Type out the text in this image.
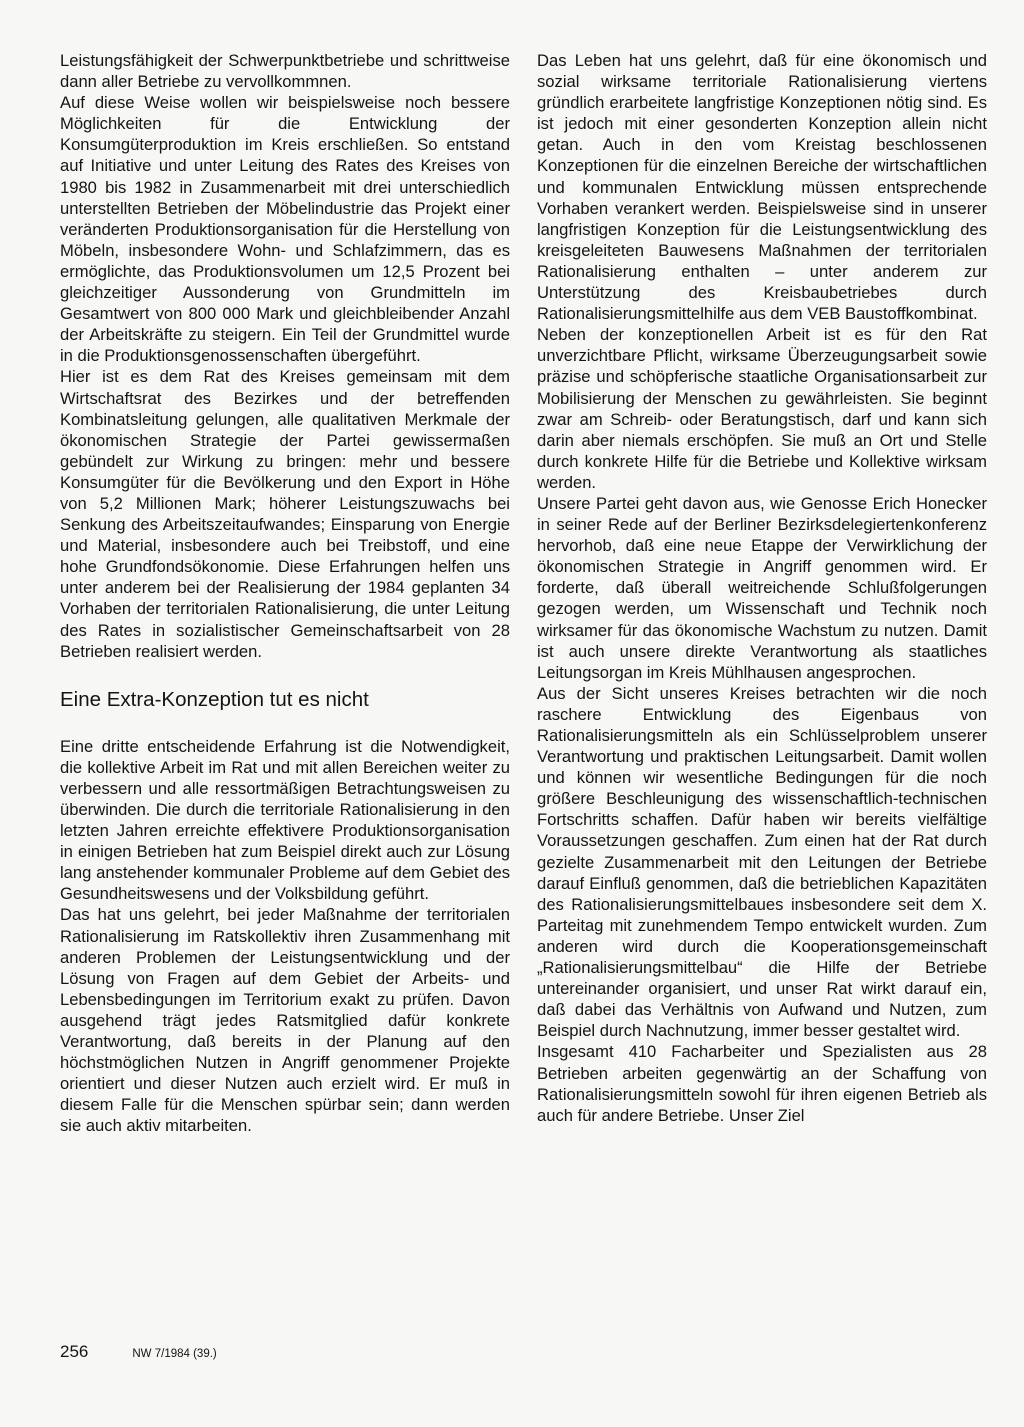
Leistungsfähigkeit der Schwerpunktbetriebe und schrittweise dann aller Betriebe zu vervollkommnen.

Auf diese Weise wollen wir beispielsweise noch bessere Möglichkeiten für die Entwicklung der Konsumgüterproduktion im Kreis erschließen. So entstand auf Initiative und unter Leitung des Rates des Kreises von 1980 bis 1982 in Zusammenarbeit mit drei unterschiedlich unterstellten Betrieben der Möbelindustrie das Projekt einer veränderten Produktionsorganisation für die Herstellung von Möbeln, insbesondere Wohn- und Schlafzimmern, das es ermöglichte, das Produktionsvolumen um 12,5 Prozent bei gleichzeitiger Aussonderung von Grundmitteln im Gesamtwert von 800 000 Mark und gleichbleibender Anzahl der Arbeitskräfte zu steigern. Ein Teil der Grundmittel wurde in die Produktionsgenossenschaften übergeführt.

Hier ist es dem Rat des Kreises gemeinsam mit dem Wirtschaftsrat des Bezirkes und der betreffenden Kombinatsleitung gelungen, alle qualitativen Merkmale der ökonomischen Strategie der Partei gewissermaßen gebündelt zur Wirkung zu bringen: mehr und bessere Konsumgüter für die Bevölkerung und den Export in Höhe von 5,2 Millionen Mark; höherer Leistungszuwachs bei Senkung des Arbeitszeitaufwandes; Einsparung von Energie und Material, insbesondere auch bei Treibstoff, und eine hohe Grundfondsökonomie. Diese Erfahrungen helfen uns unter anderem bei der Realisierung der 1984 geplanten 34 Vorhaben der territorialen Rationalisierung, die unter Leitung des Rates in sozialistischer Gemeinschaftsarbeit von 28 Betrieben realisiert werden.

Eine Extra-Konzeption tut es nicht

Eine dritte entscheidende Erfahrung ist die Notwendigkeit, die kollektive Arbeit im Rat und mit allen Bereichen weiter zu verbessern und alle ressortmäßigen Betrachtungsweisen zu überwinden. Die durch die territoriale Rationalisierung in den letzten Jahren erreichte effektivere Produktionsorganisation in einigen Betrieben hat zum Beispiel direkt auch zur Lösung lang anstehender kommunaler Probleme auf dem Gebiet des Gesundheitswesens und der Volksbildung geführt.

Das hat uns gelehrt, bei jeder Maßnahme der territorialen Rationalisierung im Ratskollektiv ihren Zusammenhang mit anderen Problemen der Leistungsentwicklung und der Lösung von Fragen auf dem Gebiet der Arbeits- und Lebensbedingungen im Territorium exakt zu prüfen. Davon ausgehend trägt jedes Ratsmitglied dafür konkrete Verantwortung, daß bereits in der Planung auf den höchstmöglichen Nutzen in Angriff genommener Projekte orientiert und dieser Nutzen auch erzielt wird. Er muß in diesem Falle für die Menschen spürbar sein; dann werden sie auch aktiv mitarbeiten.

Das Leben hat uns gelehrt, daß für eine ökonomisch und sozial wirksame territoriale Rationalisierung viertens gründlich erarbeitete langfristige Konzeptionen nötig sind. Es ist jedoch mit einer gesonderten Konzeption allein nicht getan. Auch in den vom Kreistag beschlossenen Konzeptionen für die einzelnen Bereiche der wirtschaftlichen und kommunalen Entwicklung müssen entsprechende Vorhaben verankert werden. Beispielsweise sind in unserer langfristigen Konzeption für die Leistungsentwicklung des kreisgeleiteten Bauwesens Maßnahmen der territorialen Rationalisierung enthalten – unter anderem zur Unterstützung des Kreisbaubetriebes durch Rationalisierungsmittelhilfe aus dem VEB Baustoffkombinat.

Neben der konzeptionellen Arbeit ist es für den Rat unverzichtbare Pflicht, wirksame Überzeugungsarbeit sowie präzise und schöpferische staatliche Organisationsarbeit zur Mobilisierung der Menschen zu gewährleisten. Sie beginnt zwar am Schreib- oder Beratungstisch, darf und kann sich darin aber niemals erschöpfen. Sie muß an Ort und Stelle durch konkrete Hilfe für die Betriebe und Kollektive wirksam werden.

Unsere Partei geht davon aus, wie Genosse Erich Honecker in seiner Rede auf der Berliner Bezirksdelegiertenkonferenz hervorhob, daß eine neue Etappe der Verwirklichung der ökonomischen Strategie in Angriff genommen wird. Er forderte, daß überall weitreichende Schlußfolgerungen gezogen werden, um Wissenschaft und Technik noch wirksamer für das ökonomische Wachstum zu nutzen. Damit ist auch unsere direkte Verantwortung als staatliches Leitungsorgan im Kreis Mühlhausen angesprochen.

Aus der Sicht unseres Kreises betrachten wir die noch raschere Entwicklung des Eigenbaus von Rationalisierungsmitteln als ein Schlüsselproblem unserer Verantwortung und praktischen Leitungsarbeit. Damit wollen und können wir wesentliche Bedingungen für die noch größere Beschleunigung des wissenschaftlich-technischen Fortschritts schaffen. Dafür haben wir bereits vielfältige Voraussetzungen geschaffen. Zum einen hat der Rat durch gezielte Zusammenarbeit mit den Leitungen der Betriebe darauf Einfluß genommen, daß die betrieblichen Kapazitäten des Rationalisierungsmittelbaues insbesondere seit dem X. Parteitag mit zunehmendem Tempo entwickelt wurden. Zum anderen wird durch die Kooperationsgemeinschaft „Rationalisierungsmittelbau“ die Hilfe der Betriebe untereinander organisiert, und unser Rat wirkt darauf ein, daß dabei das Verhältnis von Aufwand und Nutzen, zum Beispiel durch Nachnutzung, immer besser gestaltet wird.

Insgesamt 410 Facharbeiter und Spezialisten aus 28 Betrieben arbeiten gegenwärtig an der Schaffung von Rationalisierungsmitteln sowohl für ihren eigenen Betrieb als auch für andere Betriebe. Unser Ziel

256	NW 7/1984 (39.)
